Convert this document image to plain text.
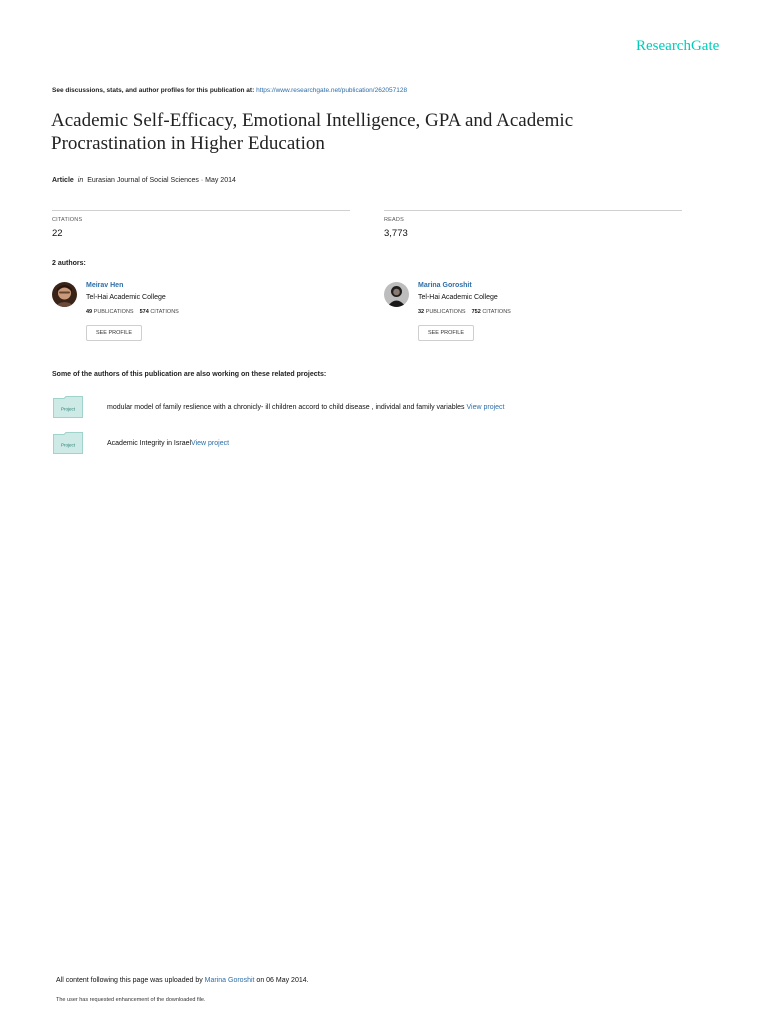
ResearchGate
See discussions, stats, and author profiles for this publication at: https://www.researchgate.net/publication/262057128
Academic Self-Efficacy, Emotional Intelligence, GPA and Academic Procrastination in Higher Education
Article in Eurasian Journal of Social Sciences · May 2014
CITATIONS
22
READS
3,773
2 authors:
Meirav Hen
Tel-Hai Academic College
49 PUBLICATIONS 574 CITATIONS
SEE PROFILE
Marina Goroshit
Tel-Hai Academic College
32 PUBLICATIONS 752 CITATIONS
SEE PROFILE
Some of the authors of this publication are also working on these related projects:
Project	modular model of family reslience with a chronicly- ill children accord to child disease , individal and family variables View project
Project	Academic Integrity in IsraelView project
All content following this page was uploaded by Marina Goroshit on 06 May 2014.
The user has requested enhancement of the downloaded file.
